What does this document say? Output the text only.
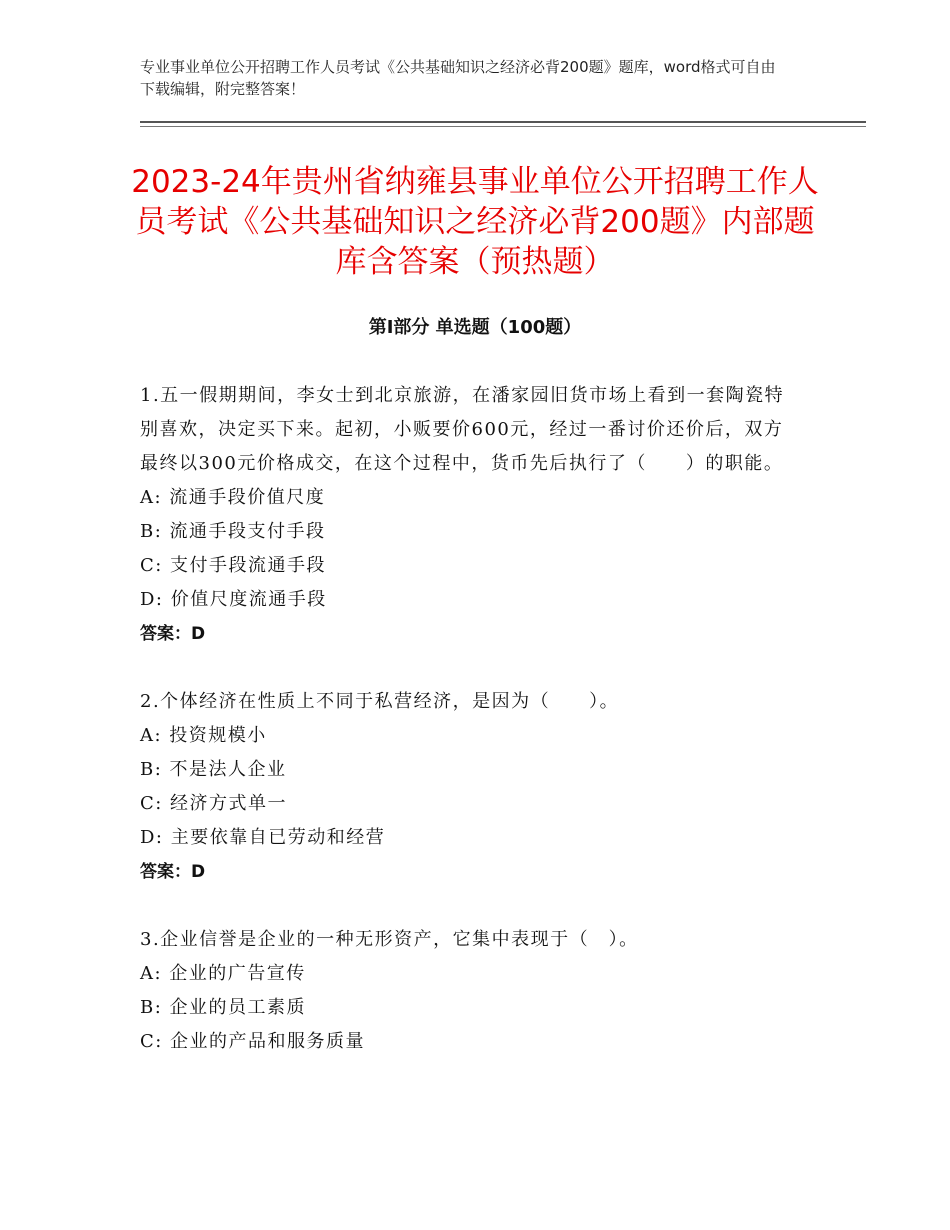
专业事业单位公开招聘工作人员考试《公共基础知识之经济必背200题》题库，word格式可自由下载编辑，附完整答案！
2023-24年贵州省纳雍县事业单位公开招聘工作人员考试《公共基础知识之经济必背200题》内部题库含答案（预热题）
第Ⅰ部分 单选题（100题）

1.五一假期期间，李女士到北京旅游，在潘家园旧货市场上看到一套陶瓷特别喜欢，决定买下来。起初，小贩要价600元，经过一番讨价还价后，双方最终以300元价格成交，在这个过程中，货币先后执行了（　　）的职能。

A: 流通手段价值尺度

B: 流通手段支付手段

C: 支付手段流通手段

D: 价值尺度流通手段

答案：D

2.个体经济在性质上不同于私营经济，是因为（　　）。

A: 投资规模小

B: 不是法人企业

C: 经济方式单一

D: 主要依靠自已劳动和经营

答案：D

3.企业信誉是企业的一种无形资产，它集中表现于（　）。

A: 企业的广告宣传

B: 企业的员工素质

C: 企业的产品和服务质量
